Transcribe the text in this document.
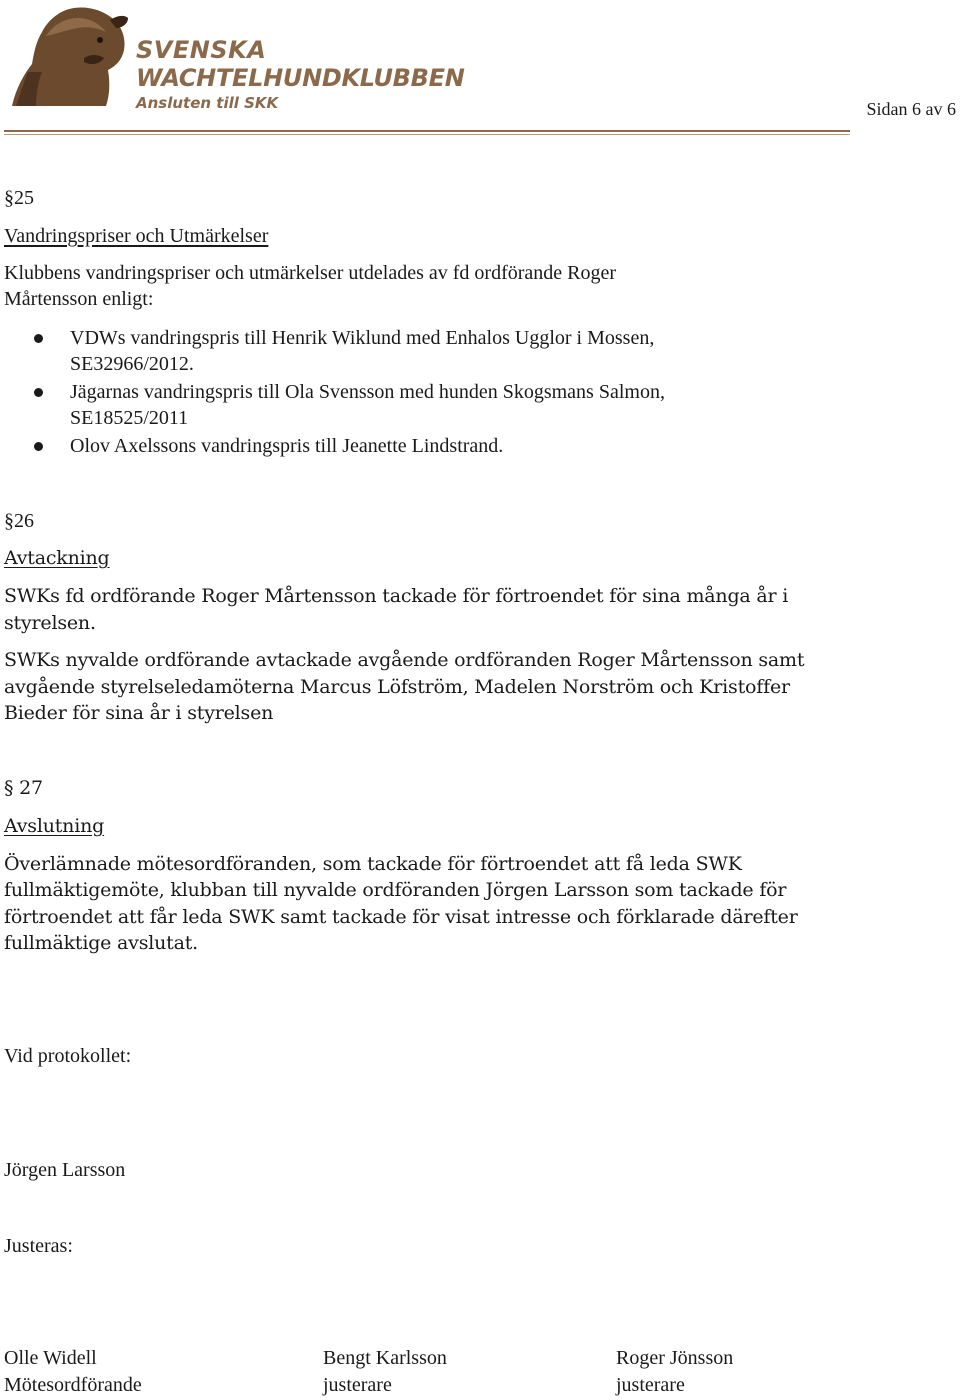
SVENSKA
WACHTELHUNDKLUBBEN
Ansluten till SKK	Sidan 6 av 6
§25
Vandringspriser och Utmärkelser
Klubbens vandringspriser och utmärkelser utdelades av fd ordförande Roger
Mårtensson enligt:
VDWs vandringspris till Henrik Wiklund med Enhalos Ugglor i Mossen,
SE32966/2012.
Jägarnas vandringspris till Ola Svensson med hunden Skogsmans Salmon,
SE18525/2011
Olov Axelssons vandringspris till Jeanette Lindstrand.
§26
Avtackning
SWKs fd ordförande Roger Mårtensson tackade för förtroendet för sina många år i
styrelsen.
SWKs nyvalde ordförande avtackade avgående ordföranden Roger Mårtensson samt
avgående styrelseledamöterna Marcus Löfström, Madelen Norström och Kristoffer
Bieder för sina år i styrelsen
§ 27
Avslutning
Överlämnade mötesordföranden, som tackade för förtroendet att få leda SWK
fullmäktigemöte, klubban till nyvalde ordföranden Jörgen Larsson som tackade för
förtroendet att får leda SWK samt tackade för visat intresse och förklarade därefter
fullmäktige avslutat.
Vid protokollet:
Jörgen Larsson
Justeras:
Olle Widell
Mötesordförande
Bengt Karlsson
justerare
Roger Jönsson
justerare
